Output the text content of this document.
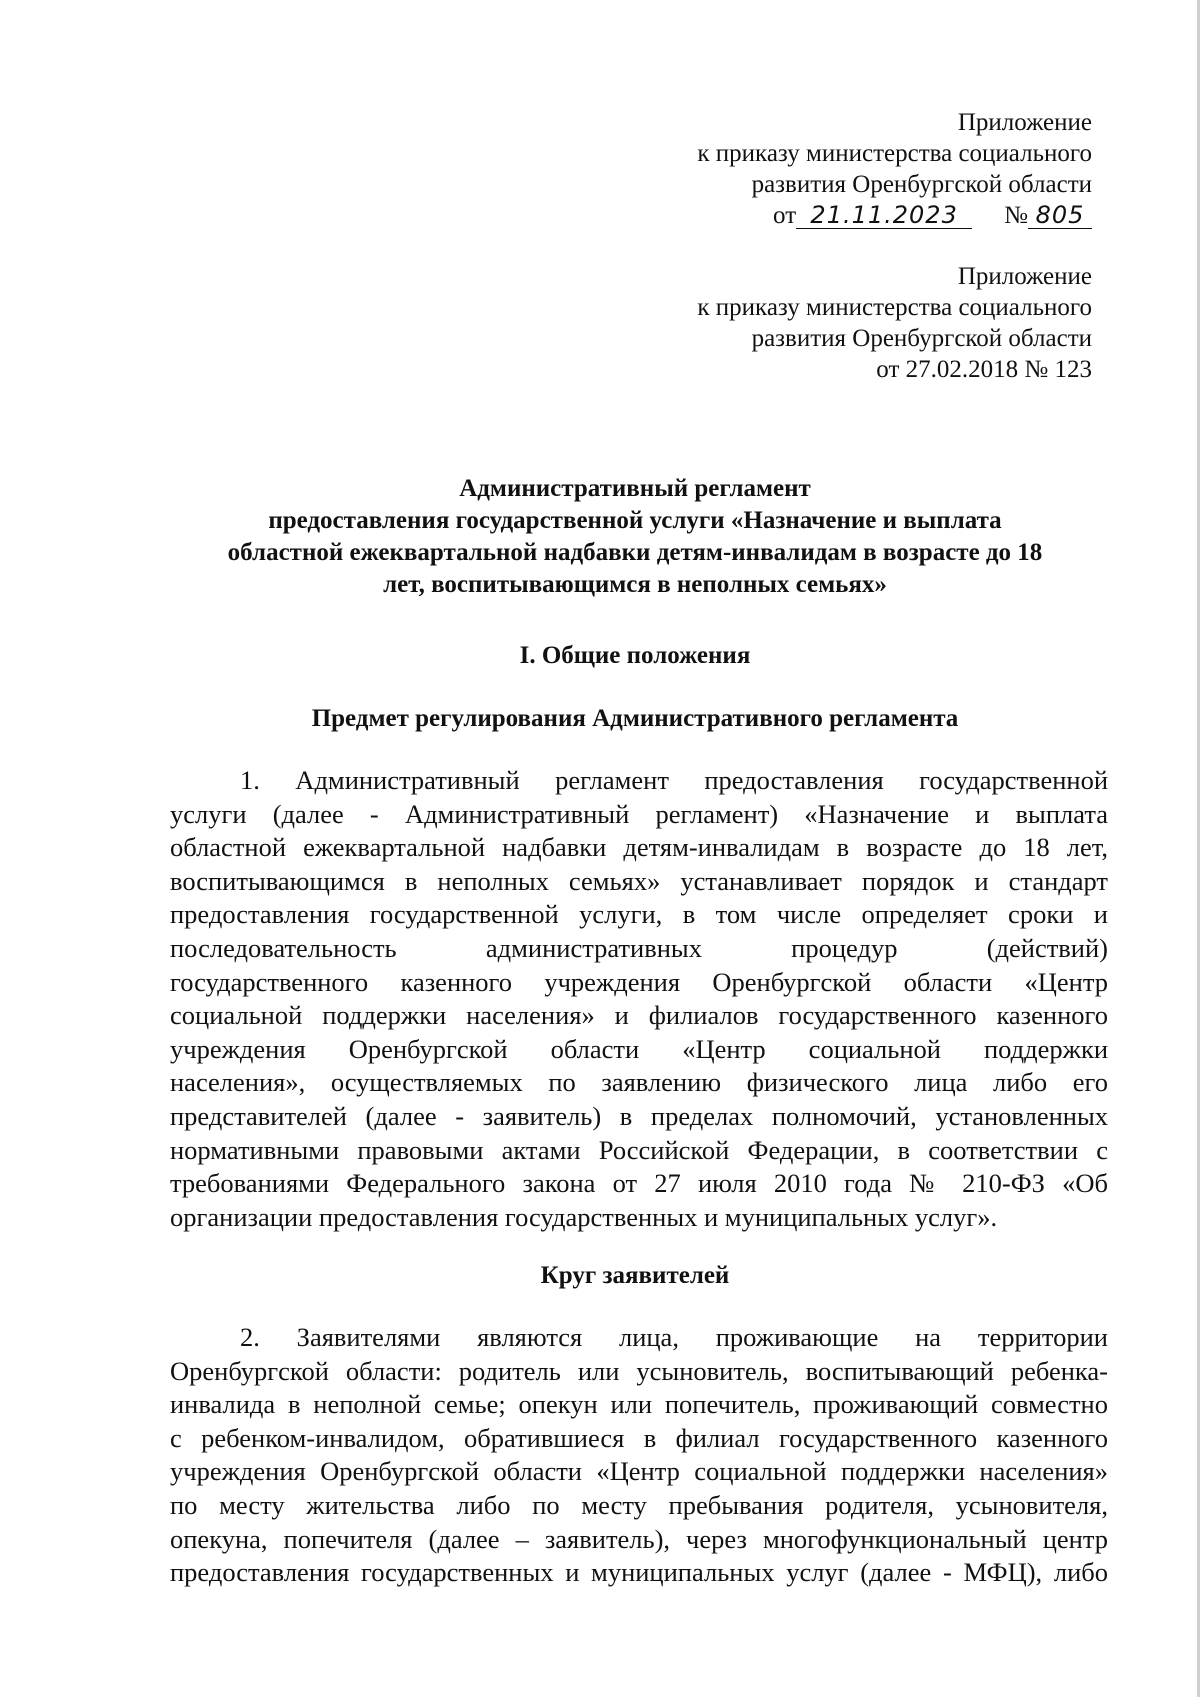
Приложение
к приказу министерства социального
развития Оренбургской области
от 21.11.2023 № 805
Приложение
к приказу министерства социального
развития Оренбургской области
от 27.02.2018 № 123
Административный регламент
предоставления государственной услуги «Назначение и выплата
областной ежеквартальной надбавки детям-инвалидам в возрасте до 18
лет, воспитывающимся в неполных семьях»
I. Общие положения
Предмет регулирования Административного регламента
1. Административный регламент предоставления государственной
услуги (далее - Административный регламент) «Назначение и выплата
областной ежеквартальной надбавки детям-инвалидам в возрасте до 18 лет,
воспитывающимся в неполных семьях» устанавливает порядок и стандарт
предоставления государственной услуги, в том числе определяет сроки и
последовательность административных процедур (действий)
государственного казенного учреждения Оренбургской области «Центр
социальной поддержки населения» и филиалов государственного казенного
учреждения Оренбургской области «Центр социальной поддержки
населения», осуществляемых по заявлению физического лица либо его
представителей (далее - заявитель) в пределах полномочий, установленных
нормативными правовыми актами Российской Федерации, в соответствии с
требованиями Федерального закона от 27 июля 2010 года № 210-ФЗ «Об
организации предоставления государственных и муниципальных услуг».
Круг заявителей
2. Заявителями являются лица, проживающие на территории
Оренбургской области: родитель или усыновитель, воспитывающий ребенка-
инвалида в неполной семье; опекун или попечитель, проживающий совместно
с ребенком-инвалидом, обратившиеся в филиал государственного казенного
учреждения Оренбургской области «Центр социальной поддержки населения»
по месту жительства либо по месту пребывания родителя, усыновителя,
опекуна, попечителя (далее – заявитель), через многофункциональный центр
предоставления государственных и муниципальных услуг (далее - МФЦ), либо
